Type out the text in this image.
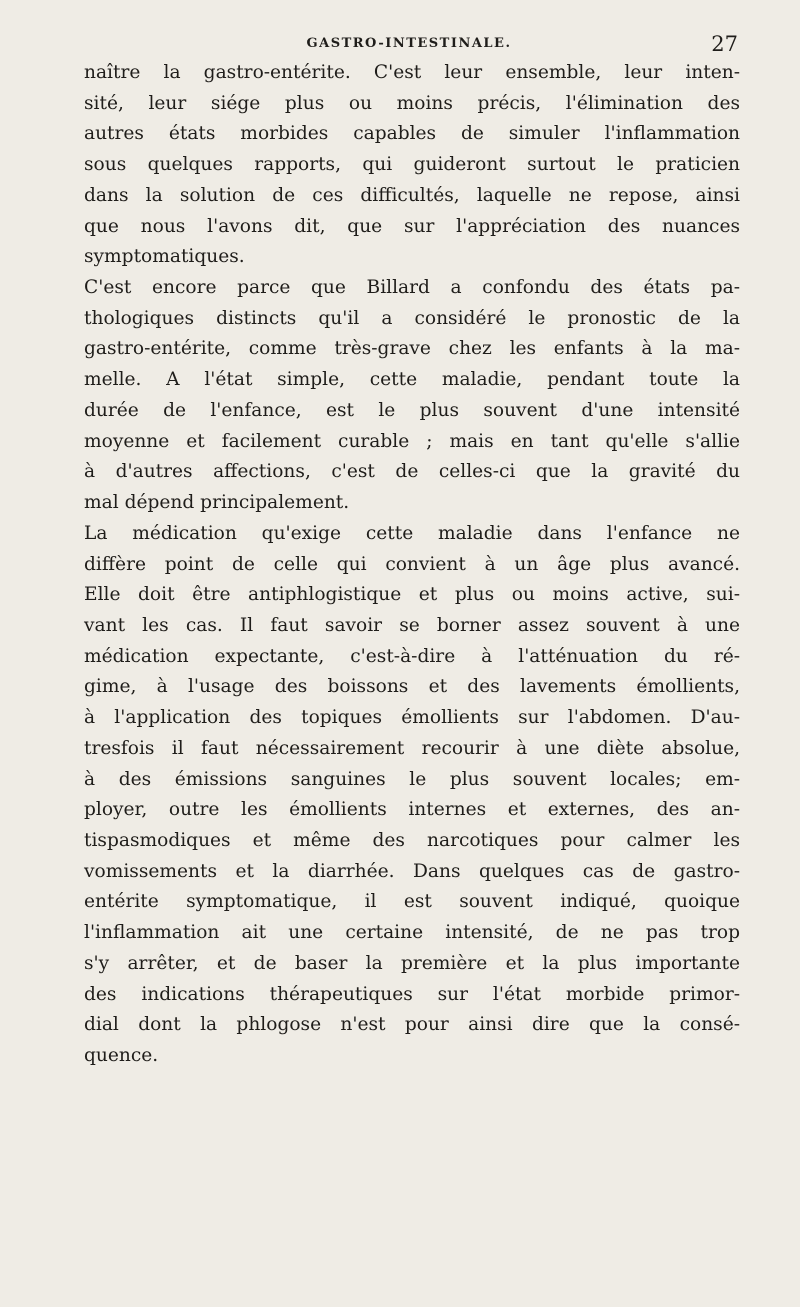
GASTRO-INTESTINALE.	27
naître la gastro-entérite. C'est leur ensemble, leur inten-
sité, leur siége plus ou moins précis, l'élimination des
autres états morbides capables de simuler l'inflammation
sous quelques rapports, qui guideront surtout le praticien
dans la solution de ces difficultés, laquelle ne repose, ainsi
que nous l'avons dit, que sur l'appréciation des nuances
symptomatiques.
C'est encore parce que Billard a confondu des états pa-
thologiques distincts qu'il a considéré le pronostic de la
gastro-entérite, comme très-grave chez les enfants à la ma-
melle. A l'état simple, cette maladie, pendant toute la
durée de l'enfance, est le plus souvent d'une intensité
moyenne et facilement curable ; mais en tant qu'elle s'allie
à d'autres affections, c'est de celles-ci que la gravité du
mal dépend principalement.
La médication qu'exige cette maladie dans l'enfance ne
diffère point de celle qui convient à un âge plus avancé.
Elle doit être antiphlogistique et plus ou moins active, sui-
vant les cas. Il faut savoir se borner assez souvent à une
médication expectante, c'est-à-dire à l'atténuation du ré-
gime, à l'usage des boissons et des lavements émollients,
à l'application des topiques émollients sur l'abdomen. D'au-
tresfois il faut nécessairement recourir à une diète absolue,
à des émissions sanguines le plus souvent locales; em-
ployer, outre les émollients internes et externes, des an-
tispasmodiques et même des narcotiques pour calmer les
vomissements et la diarrhée. Dans quelques cas de gastro-
entérite symptomatique, il est souvent indiqué, quoique
l'inflammation ait une certaine intensité, de ne pas trop
s'y arrêter, et de baser la première et la plus importante
des indications thérapeutiques sur l'état morbide primor-
dial dont la phlogose n'est pour ainsi dire que la consé-
quence.
